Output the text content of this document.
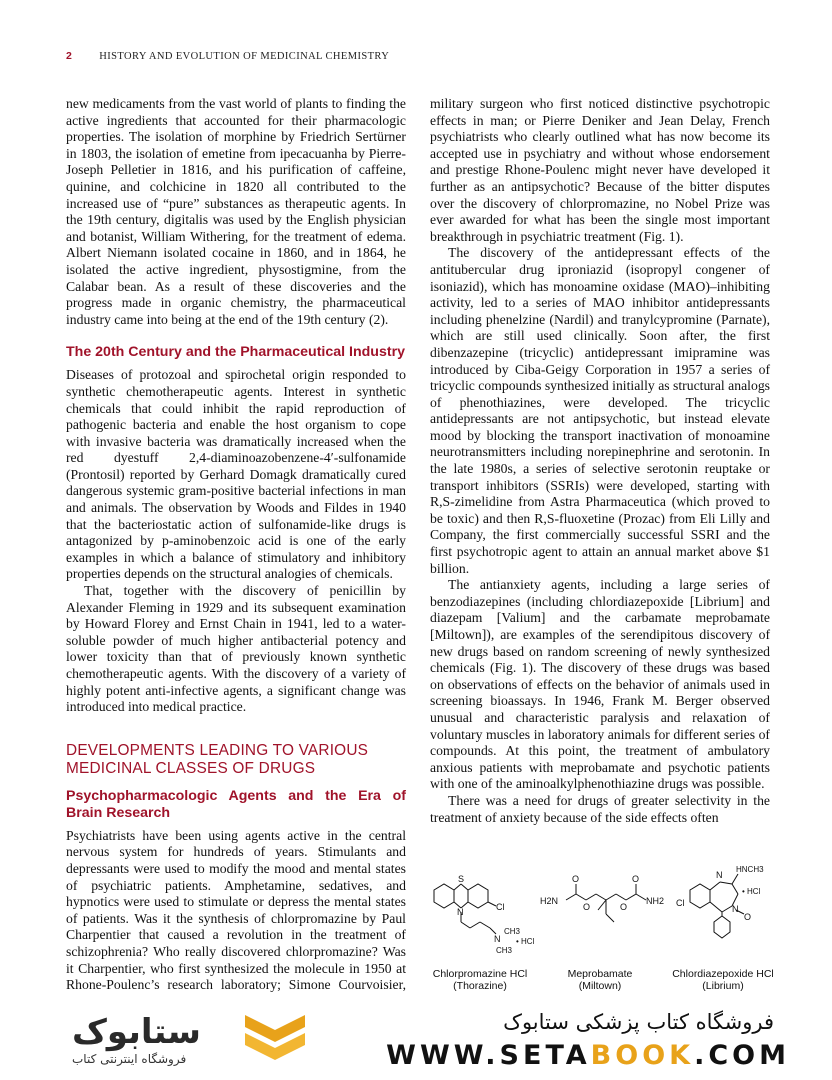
2	HISTORY AND EVOLUTION OF MEDICINAL CHEMISTRY

new medicaments from the vast world of plants to finding the active ingredients that accounted for their pharmacologic properties. The isolation of morphine by Friedrich Sertürner in 1803, the isolation of emetine from ipecacuanha by Pierre-Joseph Pelletier in 1816, and his purification of caffeine, quinine, and colchicine in 1820 all contributed to the increased use of “pure” substances as therapeutic agents. In the 19th century, digitalis was used by the English physician and botanist, William Withering, for the treatment of edema. Albert Niemann isolated cocaine in 1860, and in 1864, he isolated the active ingredient, physostigmine, from the Calabar bean. As a result of these discoveries and the progress made in organic chemistry, the pharmaceutical industry came into being at the end of the 19th century (2).

The 20th Century and the Pharmaceutical Industry

Diseases of protozoal and spirochetal origin responded to synthetic chemotherapeutic agents. Interest in synthetic chemicals that could inhibit the rapid reproduction of pathogenic bacteria and enable the host organism to cope with invasive bacteria was dramatically increased when the red dyestuff 2,4-diaminoazobenzene-4′-sulfonamide (Prontosil) reported by Gerhard Domagk dramatically cured dangerous systemic gram-positive bacterial infections in man and animals. The observation by Woods and Fildes in 1940 that the bacteriostatic action of sulfonamide-like drugs is antagonized by p-aminobenzoic acid is one of the early examples in which a balance of stimulatory and inhibitory properties depends on the structural analogies of chemicals.

That, together with the discovery of penicillin by Alexander Fleming in 1929 and its subsequent examination by Howard Florey and Ernst Chain in 1941, led to a water-soluble powder of much higher antibacterial potency and lower toxicity than that of previously known synthetic chemotherapeutic agents. With the discovery of a variety of highly potent anti-infective agents, a significant change was introduced into medical practice.

DEVELOPMENTS LEADING TO VARIOUS
MEDICINAL CLASSES OF DRUGS
Psychopharmacologic Agents and the Era of Brain Research

Psychiatrists have been using agents active in the central nervous system for hundreds of years. Stimulants and depressants were used to modify the mood and mental states of psychiatric patients. Amphetamine, sedatives, and hypnotics were used to stimulate or depress the mental states of patients. Was it the synthesis of chlorpromazine by Paul Charpentier that caused a revolution in the treatment of schizophrenia? Who really discovered chlorpromazine? Was it Charpentier, who first synthesized the molecule in 1950 at Rhone-Poulenc’s research laboratory; Simone Courvoisier,

military surgeon who first noticed distinctive psychotropic effects in man; or Pierre Deniker and Jean Delay, French psychiatrists who clearly outlined what has now become its accepted use in psychiatry and without whose endorsement and prestige Rhone-Poulenc might never have developed it further as an antipsychotic? Because of the bitter disputes over the discovery of chlorpromazine, no Nobel Prize was ever awarded for what has been the single most important breakthrough in psychiatric treatment (Fig. 1).

The discovery of the antidepressant effects of the antitubercular drug iproniazid (isopropyl congener of isoniazid), which has monoamine oxidase (MAO)–inhibiting activity, led to a series of MAO inhibitor antidepressants including phenelzine (Nardil) and tranylcypromine (Parnate), which are still used clinically. Soon after, the first dibenzazepine (tricyclic) antidepressant imipramine was introduced by Ciba-Geigy Corporation in 1957 a series of tricyclic compounds synthesized initially as structural analogs of phenothiazines, were developed. The tricyclic antidepressants are not antipsychotic, but instead elevate mood by blocking the transport inactivation of monoamine neurotransmitters including norepinephrine and serotonin. In the late 1980s, a series of selective serotonin reuptake or transport inhibitors (SSRIs) were developed, starting with R,S-zimelidine from Astra Pharmaceutica (which proved to be toxic) and then R,S-fluoxetine (Prozac) from Eli Lilly and Company, the first commercially successful SSRI and the first psychotropic agent to attain an annual market above $1 billion.

The antianxiety agents, including a large series of benzodiazepines (including chlordiazepoxide [Librium] and diazepam [Valium] and the carbamate meprobamate [Miltown]), are examples of the serendipitous discovery of new drugs based on random screening of newly synthesized chemicals (Fig. 1). The discovery of these drugs was based on observations of effects on the behavior of animals used in screening bioassays. In 1946, Frank M. Berger observed unusual and characteristic paralysis and relaxation of voluntary muscles in laboratory animals for different series of compounds. At this point, the treatment of ambulatory anxious patients with meprobamate and psychotic patients with one of the aminoalkylphenothiazine drugs was possible.

There was a need for drugs of greater selectivity in the treatment of anxiety because of the side effects often

S
N	Cl
N
CH3
CH3
• HCl
O
O
H2N
O
O
NH2
HNCH3
N
• HCl
Cl
N
O
Chlorpromazine HCl
(Thorazine)
Meprobamate
(Miltown)
Chlordiazepoxide HCl
(Librium)
ستابوک
فروشگاه اینترنتی کتاب
فروشگاه کتاب پزشکی ستابوک
WWW.SETABOOK.COM
